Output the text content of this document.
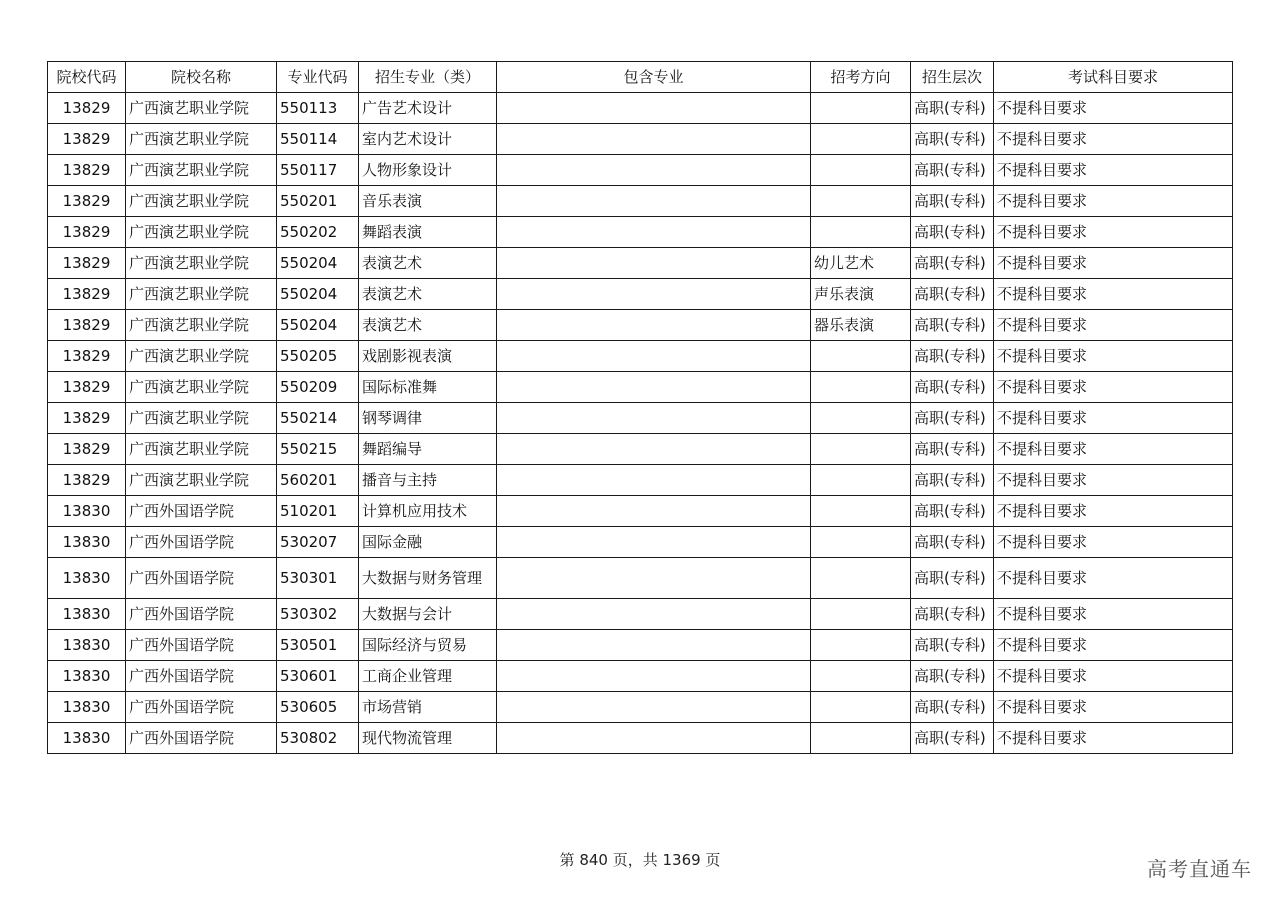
院校代码	院校名称	专业代码	招生专业（类）	包含专业	招考方向	招生层次	考试科目要求
13829	广西演艺职业学院	550113	广告艺术设计			高职(专科)	不提科目要求
13829	广西演艺职业学院	550114	室内艺术设计			高职(专科)	不提科目要求
13829	广西演艺职业学院	550117	人物形象设计			高职(专科)	不提科目要求
13829	广西演艺职业学院	550201	音乐表演			高职(专科)	不提科目要求
13829	广西演艺职业学院	550202	舞蹈表演			高职(专科)	不提科目要求
13829	广西演艺职业学院	550204	表演艺术		幼儿艺术	高职(专科)	不提科目要求
13829	广西演艺职业学院	550204	表演艺术		声乐表演	高职(专科)	不提科目要求
13829	广西演艺职业学院	550204	表演艺术		器乐表演	高职(专科)	不提科目要求
13829	广西演艺职业学院	550205	戏剧影视表演			高职(专科)	不提科目要求
13829	广西演艺职业学院	550209	国际标准舞			高职(专科)	不提科目要求
13829	广西演艺职业学院	550214	钢琴调律			高职(专科)	不提科目要求
13829	广西演艺职业学院	550215	舞蹈编导			高职(专科)	不提科目要求
13829	广西演艺职业学院	560201	播音与主持			高职(专科)	不提科目要求
13830	广西外国语学院	510201	计算机应用技术			高职(专科)	不提科目要求
13830	广西外国语学院	530207	国际金融			高职(专科)	不提科目要求
13830	广西外国语学院	530301	大数据与财务管理			高职(专科)	不提科目要求
13830	广西外国语学院	530302	大数据与会计			高职(专科)	不提科目要求
13830	广西外国语学院	530501	国际经济与贸易			高职(专科)	不提科目要求
13830	广西外国语学院	530601	工商企业管理			高职(专科)	不提科目要求
13830	广西外国语学院	530605	市场营销			高职(专科)	不提科目要求
13830	广西外国语学院	530802	现代物流管理			高职(专科)	不提科目要求
第 840 页，共 1369 页	高考直通车
